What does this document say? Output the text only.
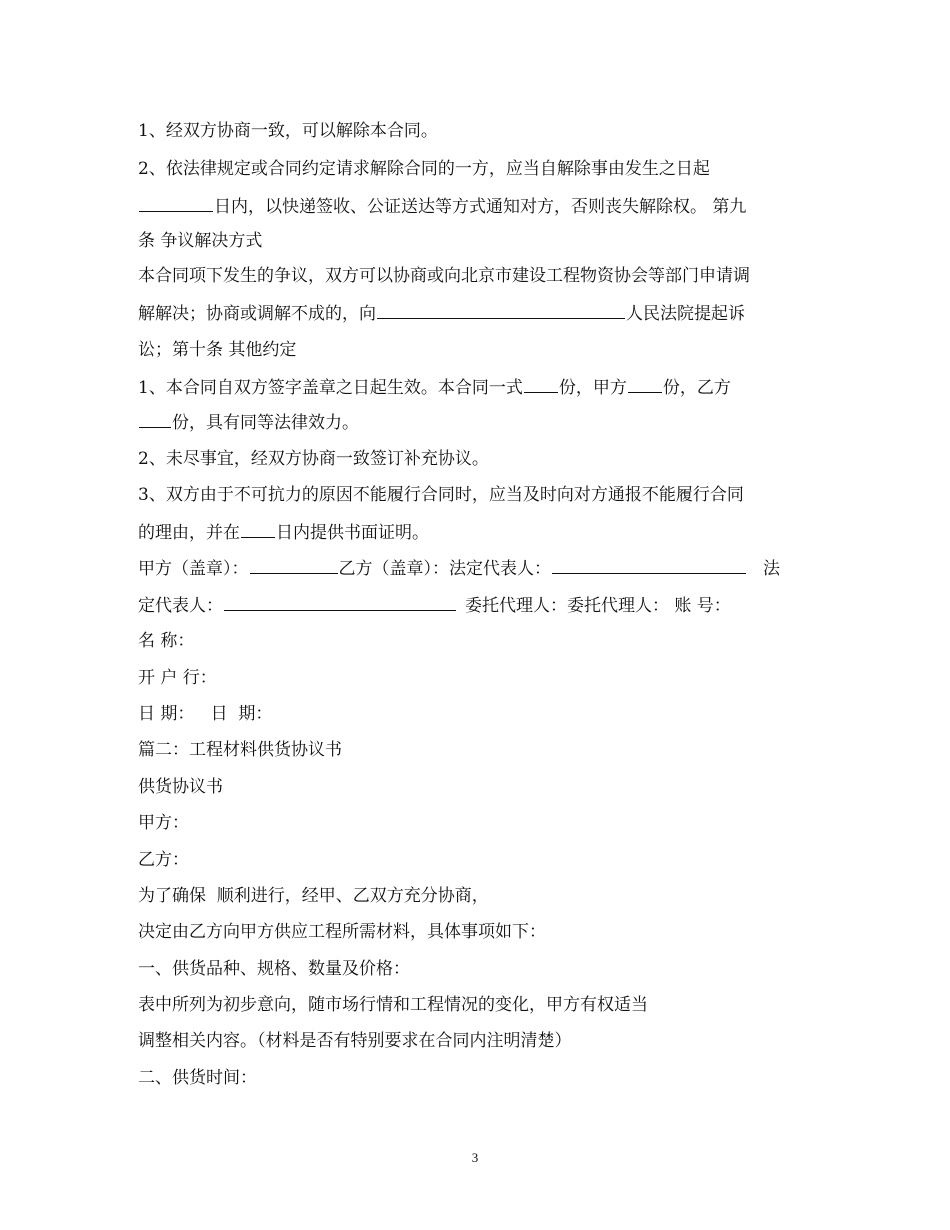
1、经双方协商一致，可以解除本合同。
2、依法律规定或合同约定请求解除合同的一方，应当自解除事由发生之日起
日内，以快递签收、公证送达等方式通知对方，否则丧失解除权。 第九
条 争议解决方式
本合同项下发生的争议，双方可以协商或向北京市建设工程物资协会等部门申请调
解解决；协商或调解不成的，向	人民法院提起诉
讼；第十条 其他约定
1、本合同自双方签字盖章之日起生效。本合同一式 份，甲方 份，乙方
份，具有同等法律效力。
2、未尽事宜，经双方协商一致签订补充协议。
3、双方由于不可抗力的原因不能履行合同时，应当及时向对方通报不能履行合同
的理由，并在 日内提供书面证明。
甲方（盖章）：	乙方（盖章）：法定代表人：	法
定代表人：	委托代理人：委托代理人： 账 号：
名 称：
开 户 行：
日 期：   日  期：
篇二：工程材料供货协议书
供货协议书
甲方：
乙方：
为了确保  顺利进行，经甲、乙双方充分协商，
决定由乙方向甲方供应工程所需材料，具体事项如下：
一、供货品种、规格、数量及价格：
表中所列为初步意向，随市场行情和工程情况的变化，甲方有权适当
调整相关内容。（材料是否有特别要求在合同内注明清楚）
二、供货时间：
3
